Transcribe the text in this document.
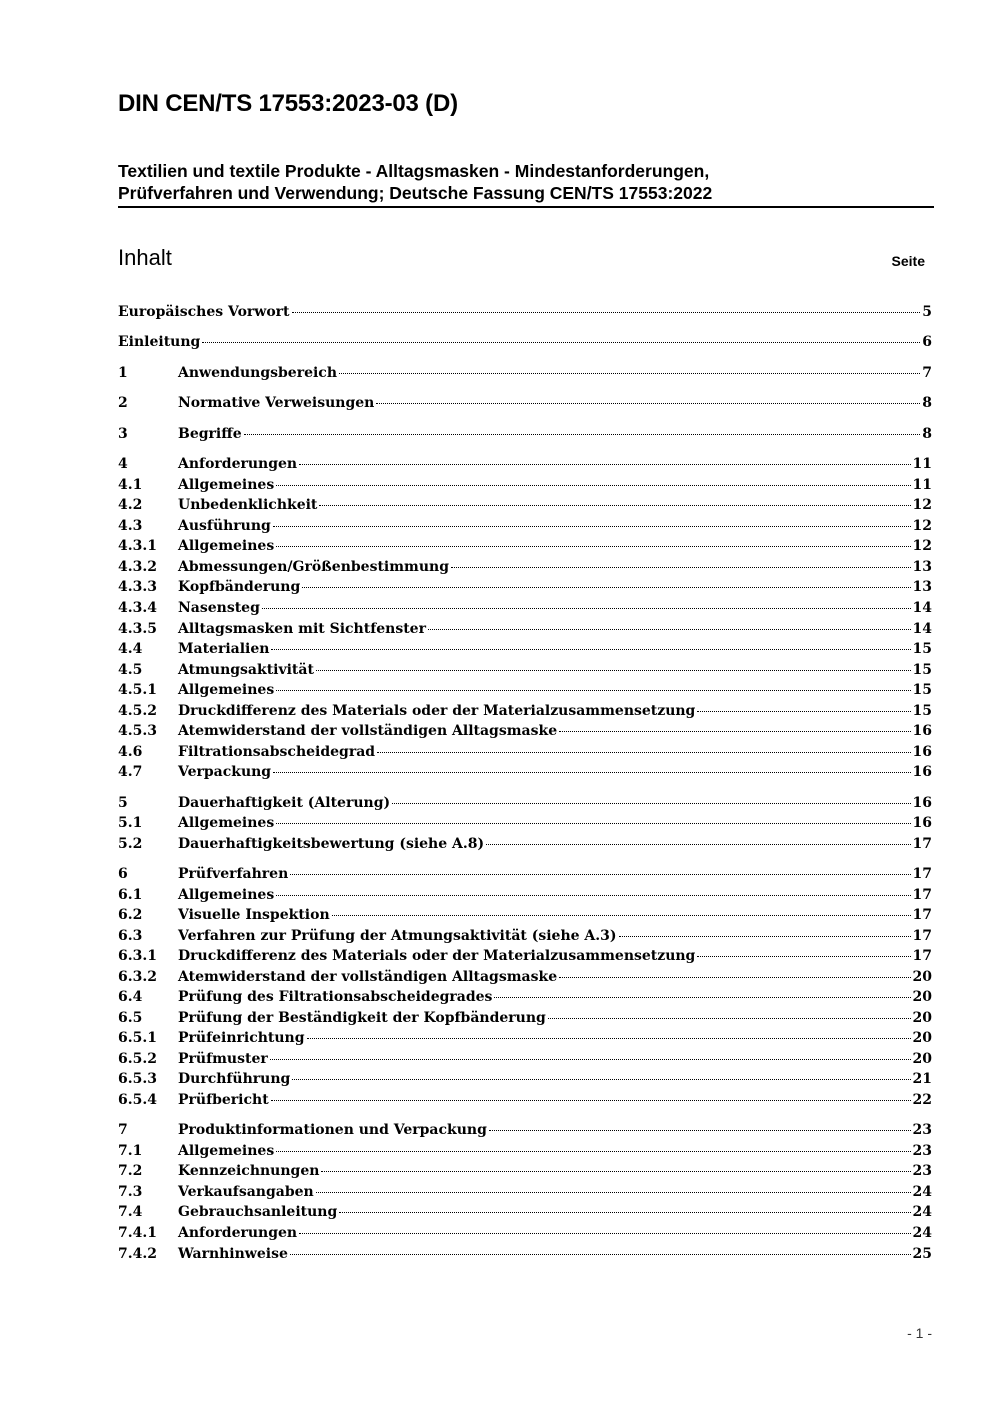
DIN CEN/TS 17553:2023-03 (D)
Textilien und textile Produkte - Alltagsmasken - Mindestanforderungen,
Prüfverfahren und Verwendung; Deutsche Fassung CEN/TS 17553:2022
Inhalt	Seite
Europäisches Vorwort	5
Einleitung	6
1	Anwendungsbereich	7
2	Normative Verweisungen	8
3	Begriffe	8
4	Anforderungen	11
4.1	Allgemeines	11
4.2	Unbedenklichkeit	12
4.3	Ausführung	12
4.3.1	Allgemeines	12
4.3.2	Abmessungen/Größenbestimmung	13
4.3.3	Kopfbänderung	13
4.3.4	Nasensteg	14
4.3.5	Alltagsmasken mit Sichtfenster	14
4.4	Materialien	15
4.5	Atmungsaktivität	15
4.5.1	Allgemeines	15
4.5.2	Druckdifferenz des Materials oder der Materialzusammensetzung	15
4.5.3	Atemwiderstand der vollständigen Alltagsmaske	16
4.6	Filtrationsabscheidegrad	16
4.7	Verpackung	16
5	Dauerhaftigkeit (Alterung)	16
5.1	Allgemeines	16
5.2	Dauerhaftigkeitsbewertung (siehe A.8)	17
6	Prüfverfahren	17
6.1	Allgemeines	17
6.2	Visuelle Inspektion	17
6.3	Verfahren zur Prüfung der Atmungsaktivität (siehe A.3)	17
6.3.1	Druckdifferenz des Materials oder der Materialzusammensetzung	17
6.3.2	Atemwiderstand der vollständigen Alltagsmaske	20
6.4	Prüfung des Filtrationsabscheidegrades	20
6.5	Prüfung der Beständigkeit der Kopfbänderung	20
6.5.1	Prüfeinrichtung	20
6.5.2	Prüfmuster	20
6.5.3	Durchführung	21
6.5.4	Prüfbericht	22
7	Produktinformationen und Verpackung	23
7.1	Allgemeines	23
7.2	Kennzeichnungen	23
7.3	Verkaufsangaben	24
7.4	Gebrauchsanleitung	24
7.4.1	Anforderungen	24
7.4.2	Warnhinweise	25
- 1 -
